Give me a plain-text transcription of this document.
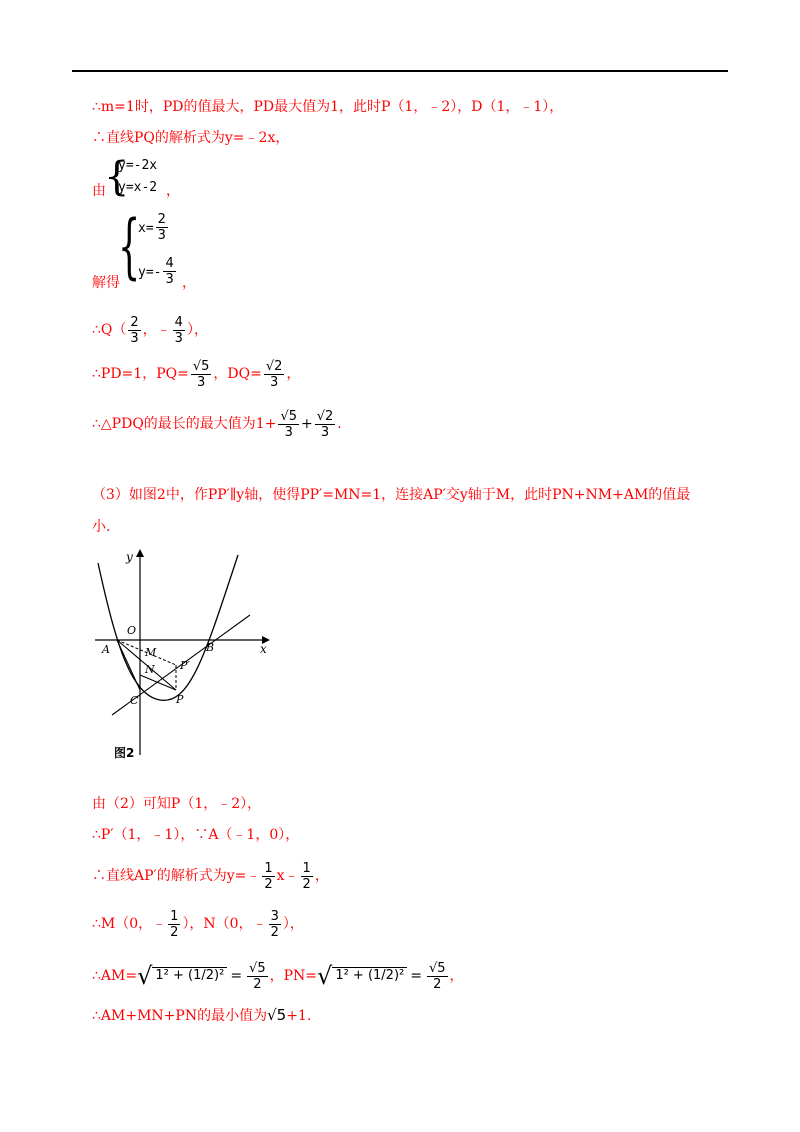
∴m=1时，PD的值最大，PD最大值为1，此时P（1，﹣2），D（1，﹣1），
∴直线PQ的解析式为y=﹣2x，
由
{
y=-2x
y=x-2 ，
解得
{
$x= \frac{2}{3}$
$y=- \frac{4}{3}$ ，
∴Q（ $\frac{2}{3}$ ，﹣ $\frac{4}{3}$ ），
∴PD=1，$PQ= \frac{√5}{3}$ ，$DQ= \frac{√2}{3}$ ，
∴△PDQ的最长的最大值为$1+ \frac{√5}{3} + \frac{√2}{3}$ .
（3）如图2中，作PP′∥y轴，使得PP′=MN=1，连接AP′交y轴于M，此时PN+NM+AM的值最
小.
y
x
O
A	B
M
N P′
C	P
图2
由（2）可知P（1，﹣2），
∴P′（1，﹣1），∵A（﹣1，0），
∴直线AP′的解析式为y=﹣ $\frac{1}{2}$ x﹣ $\frac{1}{2}$ ，
∴M（0，﹣ $\frac{1}{2}$ ），N（0，﹣ $\frac{3}{2}$ ），
∴AM=√ $1^2 + (1/2)^2 = \frac{√5}{2}$ ，PN=√ $1^2 + (1/2)^2 = \frac{√5}{2}$ ，
∴AM+MN+PN的最小值为√5+1.
